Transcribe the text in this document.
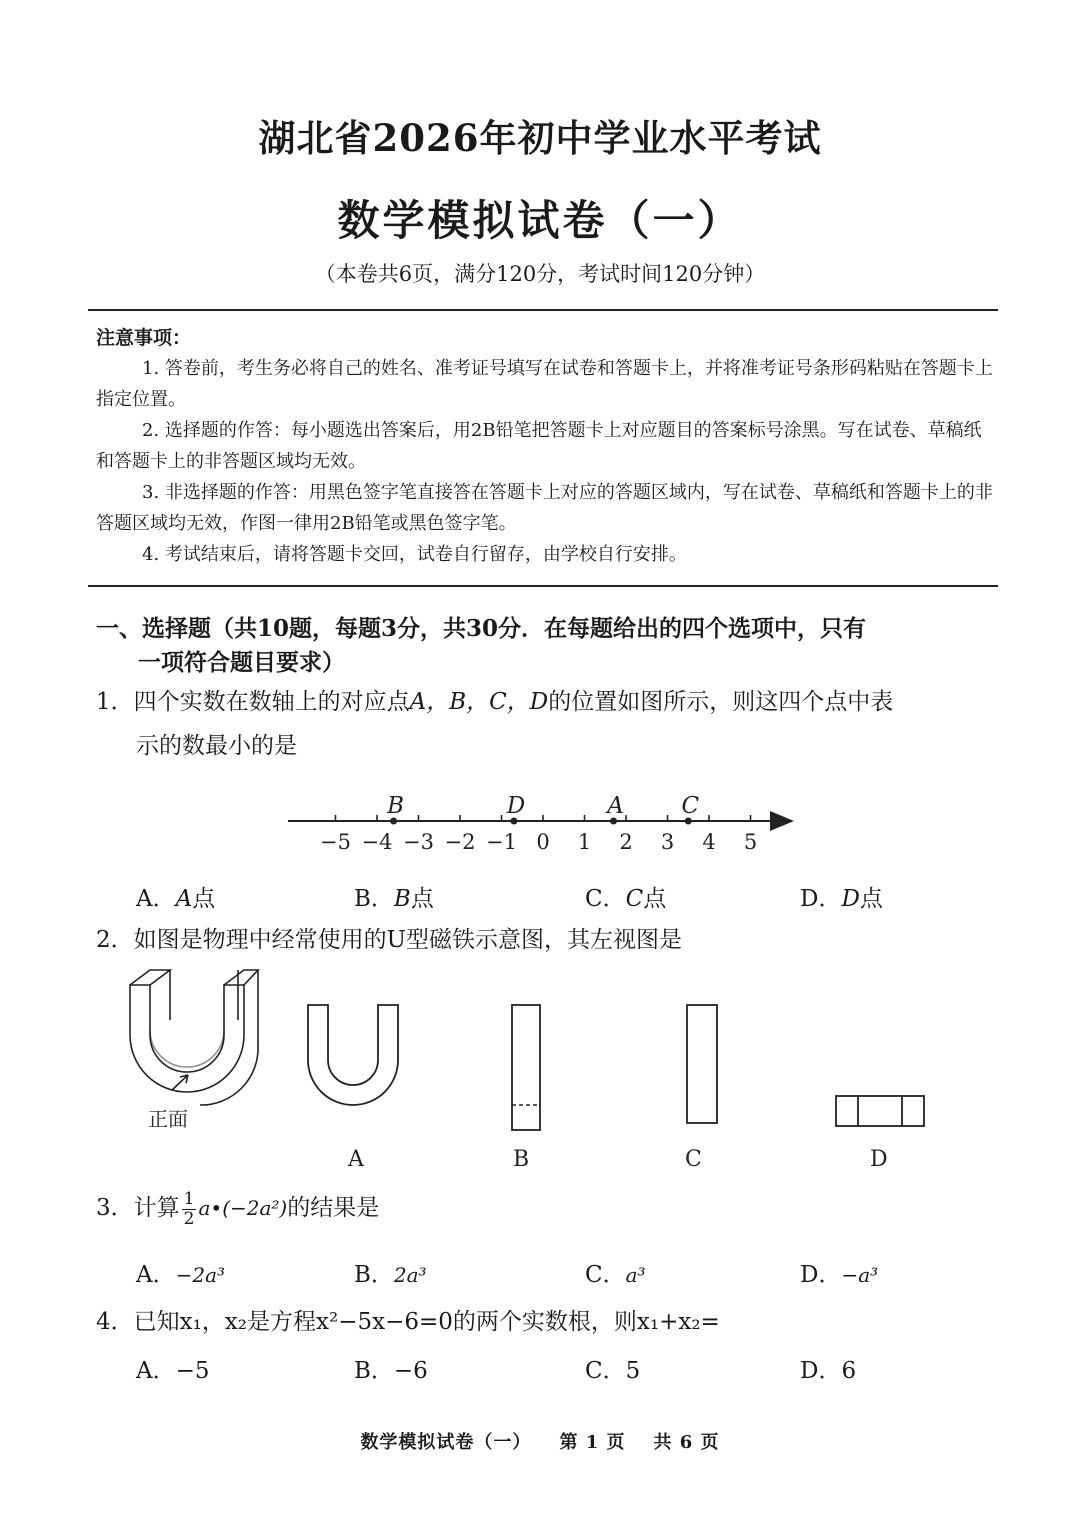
湖北省2026年初中学业水平考试
数学模拟试卷（一）
（本卷共6页，满分120分，考试时间120分钟）
注意事项：

1. 答卷前，考生务必将自己的姓名、准考证号填写在试卷和答题卡上，并将准考证号条形码粘贴在答题卡上指定位置。

2. 选择题的作答：每小题选出答案后，用2B铅笔把答题卡上对应题目的答案标号涂黑。写在试卷、草稿纸和答题卡上的非答题区域均无效。

3. 非选择题的作答：用黑色签字笔直接答在答题卡上对应的答题区域内，写在试卷、草稿纸和答题卡上的非答题区域均无效，作图一律用2B铅笔或黑色签字笔。

4. 考试结束后，请将答题卡交回，试卷自行留存，由学校自行安排。

一、选择题（共10题，每题3分，共30分．在每题给出的四个选项中，只有
一项符合题目要求）
1．四个实数在数轴上的对应点A，B，C，D的位置如图所示，则这四个点中表
示的数最小的是
−5 −4 −3 −2 −1 0 1 2 3 4 5
B	D	A	C
A．A点	B．B点	C．C点	D．D点
2．如图是物理中经常使用的U型磁铁示意图，其左视图是
正面
A	B	C	D
3．计算 $\frac{1}{2}$ a•(−2a²)的结果是
A．−2a³	B．2a³	C．a³	D．−a³
4．已知x₁，x₂是方程x²−5x−6=0的两个实数根，则x₁+x₂=
A．−5	B．−6	C．5	D．6
数学模拟试卷（一） 第 1 页 共 6 页
